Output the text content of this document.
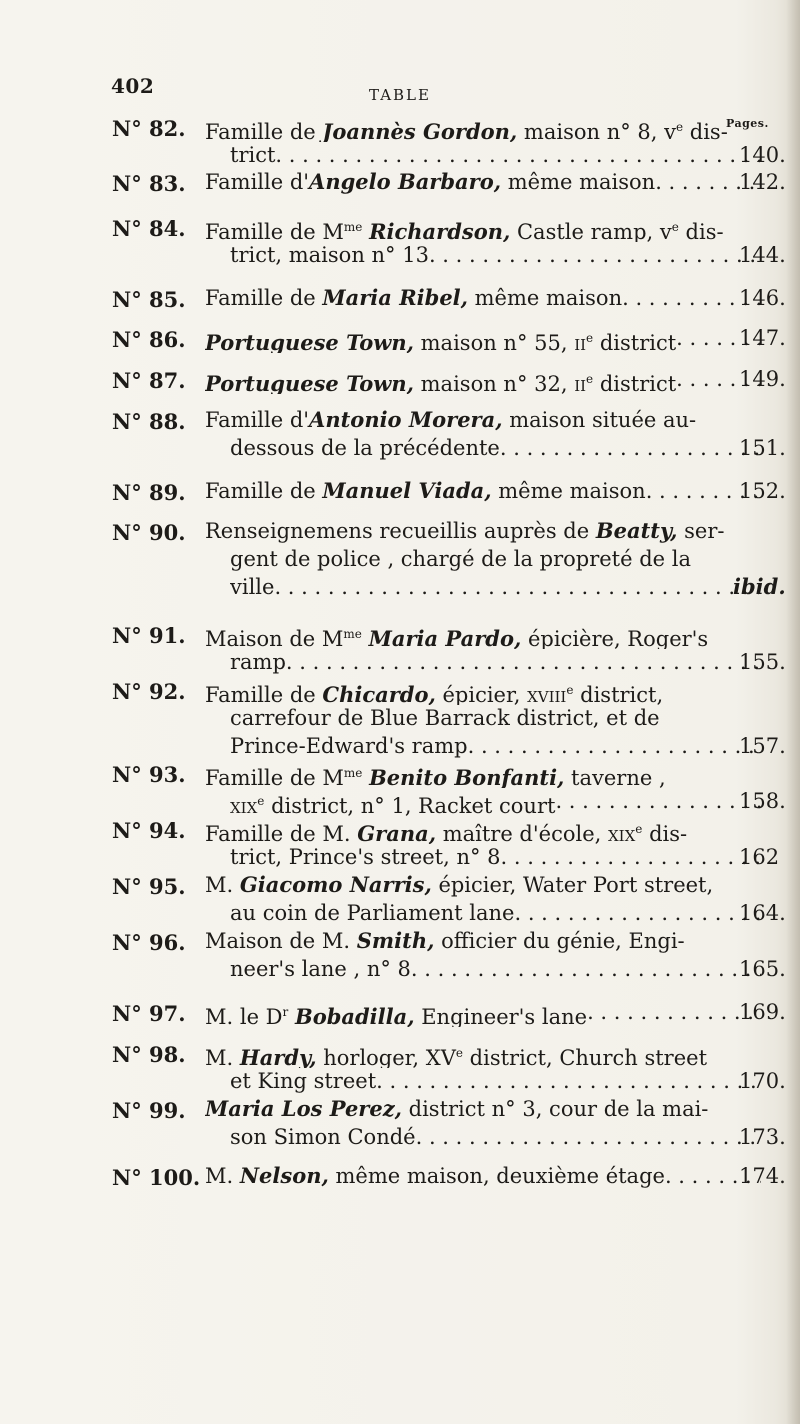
402	TABLE
Pages.
N° 82. Famille de Joannès Gordon, maison n° 8, $v^e$ dis-
trict . . .	140.
N° 83. Famille d'Angelo Barbaro, même maison . . .	142.
N° 84. Famille de $M^{me}$ Richardson, Castle ramp, $v^e$ dis-
trict, maison n° 13 . . .	144.
N° 85. Famille de Maria Ribel, même maison . . .	146.
N° 86. Portuguese Town, maison n° 55, IIe district . . .	147.
N° 87. Portuguese Town, maison n° 32, IIe district . . .	149.
N° 88. Famille d'Antonio Morera, maison située au-
dessous de la précédente . . .	151.
N° 89. Famille de Manuel Viada, même maison . . .	152.
N° 90. Renseignemens recueillis auprès de Beatty, ser-
gent de police , chargé de la propreté de la
ville . . .	ibid.
N° 91. Maison de $M^{me}$ Maria Pardo, épicière, Roger's
ramp . . .	155.
N° 92. Famille de Chicardo, épicier, XVIIIe district,
carrefour de Blue Barrack district, et de
Prince-Edward's ramp . . .	157.
N° 93. Famille de $M^{me}$ Benito Bonfanti, taverne ,
XIXe district, n° 1, Racket court . . .	158.
N° 94. Famille de M. Grana, maître d'école, XIXe dis-
trict, Prince's street, n° 8 . . .	162
N° 95. M. Giacomo Narris, épicier, Water Port street,
au coin de Parliament lane . . .	164.
N° 96. Maison de M. Smith, officier du génie, Engi-
neer's lane , n° 8 . . .	165.
N° 97. M. le $D^r$ Bobadilla, Engineer's lane . . .	169.
N° 98. M. Hardy, horloger, XVe district, Church street
et King street . . .	170.
N° 99. Maria Los Perez, district n° 3, cour de la mai-
son Simon Condé . . .	173.
N° 100. M. Nelson, même maison, deuxième étage . . .	174.
